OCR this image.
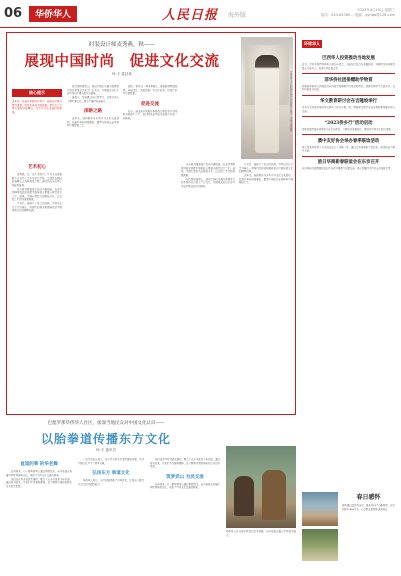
06	华侨华人	人民日报 海外版
2023年4月19日 星期三
电话：010-65369… 电邮：gyhqb@126.com
时装设计师麦秀燕，秋——
展现中国时尚　促进文化交流
杨 宇 霍延林	麦秀燕设计的服装在国际时装周上展示（受访者供图）
核心提示
近年来，在海外华裔设计师中，她们以中国元素为灵感，用作品讲述中国故事，把东方之美带上国际时装舞台，为中外文化交流搭起桥梁。
艺术初心

麦秀燕，女，出生于四川，毕业于英国伦敦中央圣马丁艺术与设计学院，是活跃在国际时装舞台上的华裔设计师。她的作品多次登上国际时装周。

从小就对服装设计充满兴趣的她，在求学期间便开始尝试把中国传统元素融入现代设计之中。她说，中国有着悠久的服饰文化，这是取之不尽的灵感源泉。

毕业后，她创立了自己的品牌，坚持以东方美学为核心，用现代的剪裁和面料表达中国传统文化的精神内涵。

在巴黎时装周上，她以中国山水画为灵感设计的系列作品引起了广泛关注。外国观众惊叹于这些作品中蕴含的东方韵味。

她表示，希望通过自己的努力，让更多的人了解中国文化，感受中国时尚的魅力。

深耕之路

近年来，她积极参与各类中外文化交流活动，在海外举办时装展览，邀请当地民众亲身体验中国服饰之美。

她说：‘时尚是一种世界语言，服装能够跨越国界，传递文化。我愿意做一名文化使者，用设计讲好中国故事。’

促进交流

如今，越来越多的海外华裔设计师投身于中国时尚的推广之中，他们的作品正成为连接中外的一座桥梁。

从小就对服装设计充满兴趣的她，在求学期间便开始尝试把中国传统元素融入现代设计之中。她说，中国有着悠久的服饰文化，这是取之不尽的灵感源泉。

在巴黎时装周上，她以中国山水画为灵感设计的系列作品引起了广泛关注。外国观众惊叹于这些作品中蕴含的东方韵味。

毕业后，她创立了自己的品牌，坚持以东方美学为核心，用现代的剪裁和面料表达中国传统文化的精神内涵。

近年来，她积极参与各类中外文化交流活动，在海外举办时装展览，邀请当地民众亲身体验中国服饰之美。

巴塞罗那华侨华人社区，加深当地民众对中国文化认识——
以胎拳道传播东方文化
杨 宇 通讯员
直道的事 的华老舞

在西班牙，有一群华侨华人通过教授武术，向当地民众传播中华优秀传统文化，架起了中西文化交流的桥梁。

他们在社区开设武术课程，吸引了众多当地青少年参加。通过练习武术，学员们不仅强身健体，还了解到中国的传统礼仪与哲学思想。

一位学员家长表示，孩子学习武术后变得更加自律，也对中国文化产生了浓厚兴趣。

弘扬东方 拳道文化

华侨华人表示，今后将继续推广中华武术，让更多人感受东方文化的独特魅力。

他们在社区开设武术课程，吸引了众多当地青少年参加。通过练习武术，学员们不仅强身健体，还了解到中国的传统礼仪与哲学思想。

筑梦武山 为民交流

在西班牙，有一群华侨华人通过教授武术，向当地民众传播中华优秀传统文化，架起了中西文化交流的桥梁。

华侨华人在当地社区进行武术表演，向当地民众展示中华武术魅力。
环球华人
巴西华人投资推动当地发展
近日，巴西圣保罗华侨华人举行座谈会，交流在巴投资与发展经验，共同探讨如何更好融入当地社会，促进中巴经贸合作。
菲华侨社团捐赠助学物资
菲律宾华侨华人团体近日向当地学校捐赠学习用品和图书，帮助贫困学生完成学业，受到当地民众欢迎。
华文教育研讨会在吉隆坡举行
来自马来西亚各地的华文教育工作者齐聚一堂，围绕华文教学方法与教材建设展开深入交流。
“2023侨乡行”活动启动
活动将组织海外华裔青少年走访侨乡，了解家乡发展变化，增进对中华文化的认同感。
澳中友好协会举办春季联谊活动
澳大利亚华侨华人与当地友好人士共聚一堂，通过文艺表演和美食品鉴，加深彼此了解与友谊。
旅日华商新春联谊会在东京召开
在日华商代表围绕经贸合作与社区服务等议题交流，表示将继续为中日友好贡献力量。
春日感怀
春风拂过故乡的山岗，桃花开满了小路两旁。远方的游子望向东方，心中默念着那熟悉的地方。
